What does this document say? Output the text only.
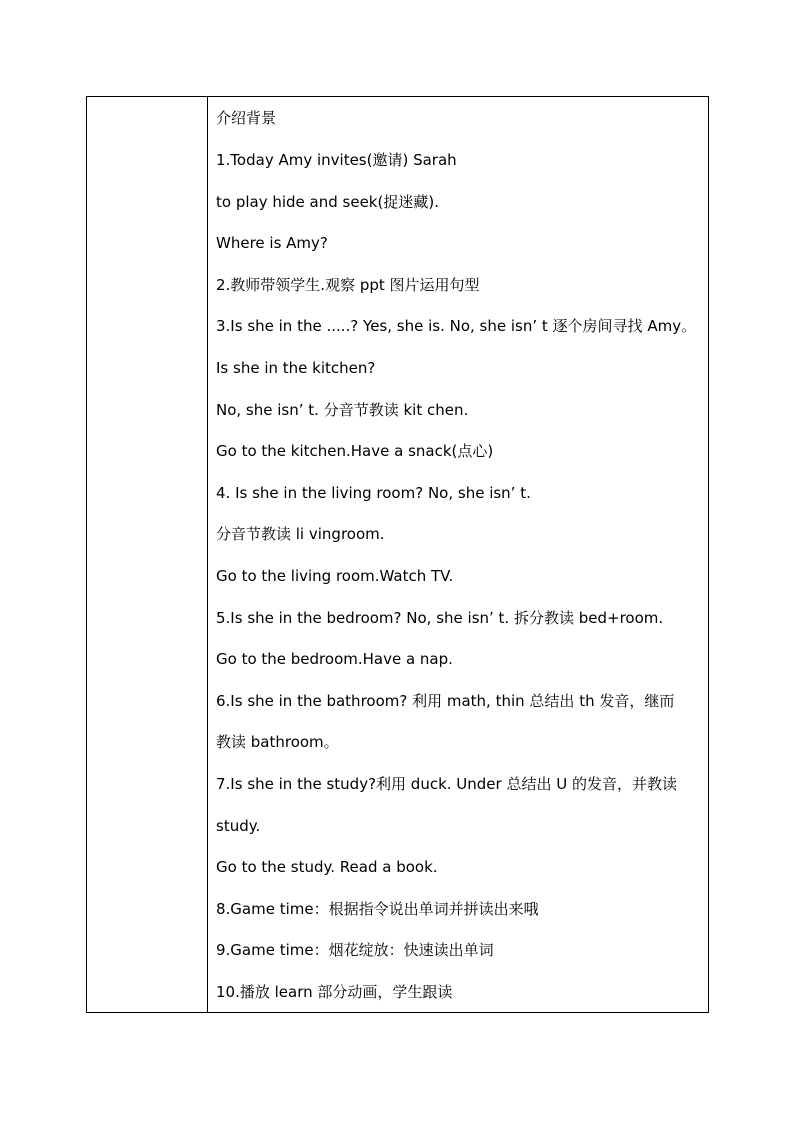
介绍背景
1.Today Amy invites(邀请) Sarah
to play hide and seek(捉迷藏).
Where is Amy?
2.教师带领学生.观察 ppt 图片运用句型
3.Is she in the .....? Yes, she is. No, she isn’ t 逐个房间寻找 Amy。
Is she in the kitchen?
No, she isn’ t. 分音节教读 kit chen.
Go to the kitchen.Have a snack(点心)
4. Is she in the living room? No, she isn’ t.
分音节教读 li vingroom.
Go to the living room.Watch TV.
5.Is she in the bedroom? No, she isn’ t. 拆分教读 bed+room.
Go to the bedroom.Have a nap.
6.Is she in the bathroom? 利用 math, thin 总结出 th 发音，继而
教读 bathroom。
7.Is she in the study?利用 duck. Under 总结出 U 的发音，并教读
study.
Go to the study. Read a book.
8.Game time：根据指令说出单词并拼读出来哦
9.Game time：烟花绽放：快速读出单词
10.播放 learn 部分动画，学生跟读
